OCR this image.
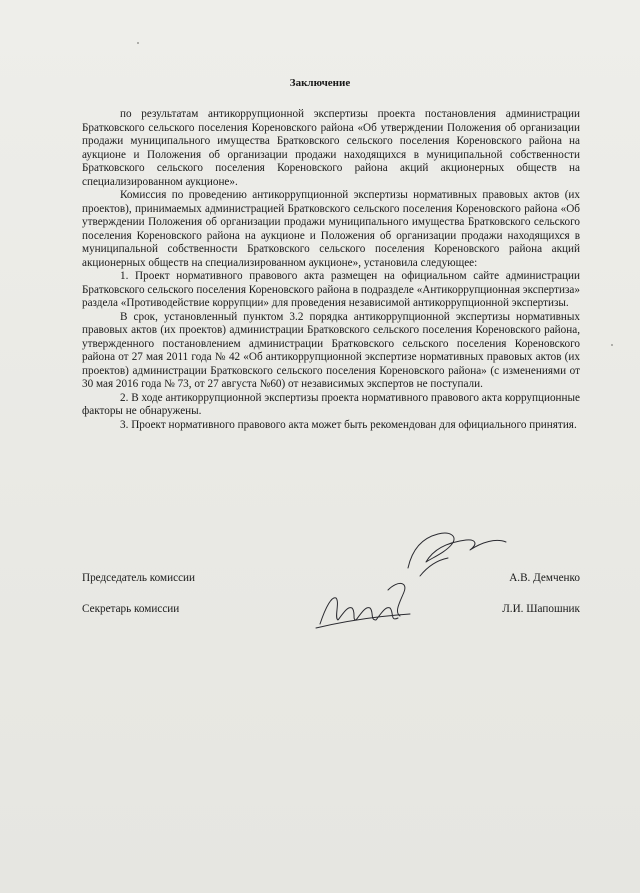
Заключение

по результатам антикоррупционной экспертизы проекта постановления администрации Братковского сельского поселения Кореновского района «Об утверждении Положения об организации продажи муниципального имущества Братковского сельского поселения Кореновского района на аукционе и Положения об организации продажи находящихся в муниципальной собственности Братковского сельского поселения Кореновского района акций акционерных обществ на специализированном аукционе».

Комиссия по проведению антикоррупционной экспертизы нормативных правовых актов (их проектов), принимаемых администрацией Братковского сельского поселения Кореновского района «Об утверждении Положения об организации продажи муниципального имущества Братковского сельского поселения Кореновского района на аукционе и Положения об организации продажи находящихся в муниципальной собственности Братковского сельского поселения Кореновского района акций акционерных обществ на специализированном аукционе», установила следующее:

1. Проект нормативного правового акта размещен на официальном сайте администрации Братковского сельского поселения Кореновского района в подразделе «Антикоррупционная экспертиза» раздела «Противодействие коррупции» для проведения независимой антикоррупционной экспертизы.

В срок, установленный пунктом 3.2 порядка антикоррупционной экспертизы нормативных правовых актов (их проектов) администрации Братковского сельского поселения Кореновского района, утвержденного постановлением администрации Братковского сельского поселения Кореновского района от 27 мая 2011 года № 42 «Об антикоррупционной экспертизе нормативных правовых актов (их проектов) администрации Братковского сельского поселения Кореновского района» (с изменениями от 30 мая 2016 года № 73, от 27 августа №60) от независимых экспертов не поступали.

2. В ходе антикоррупционной экспертизы проекта нормативного правового акта коррупционные факторы не обнаружены.

3. Проект нормативного правового акта может быть рекомендован для официального принятия.

Председатель комиссии	А.В. Демченко
Секретарь комиссии	Л.И. Шапошник
